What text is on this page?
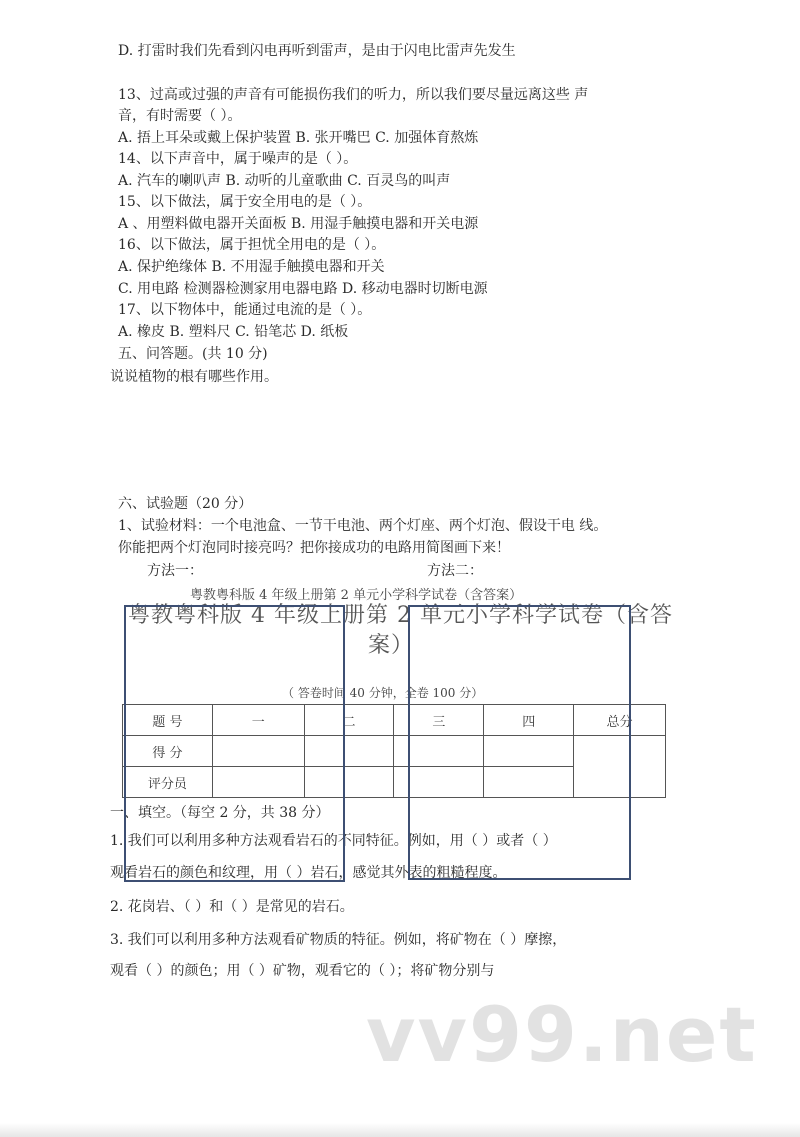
D. 打雷时我们先看到闪电再听到雷声，是由于闪电比雷声先发生
13、过高或过强的声音有可能损伤我们的听力，所以我们要尽量远离这些 声
音，有时需要（ ）。
A. 捂上耳朵或戴上保护装置 B. 张开嘴巴 C. 加强体育熬炼
14、以下声音中，属于噪声的是（ ）。
A. 汽车的喇叭声 B. 动听的儿童歌曲 C. 百灵鸟的叫声
15、以下做法，属于安全用电的是（ ）。
A 、用塑料做电器开关面板 B. 用湿手触摸电器和开关电源
16、以下做法，属于担忧全用电的是（ ）。
A. 保护绝缘体 B. 不用湿手触摸电器和开关
C. 用电路 检测器检测家用电器电路 D. 移动电器时切断电源
17、以下物体中，能通过电流的是（ ）。
A. 橡皮 B. 塑料尺 C. 铅笔芯 D. 纸板
五、问答题。(共 10 分)
说说植物的根有哪些作用。
六、试验题（20 分）
1、试验材料：一个电池盒、一节干电池、两个灯座、两个灯泡、假设干电 线。
你能把两个灯泡同时接亮吗？把你接成功的电路用简图画下来！
方法一：	方法二：
粤教粤科版 4 年级上册第 2 单元小学科学试卷（含答案）
粤教粤科版 4 年级上册第 2 单元小学科学试卷（含答
案）
（ 答卷时间 40 分钟，全卷 100 分）
题 号	一	二	三	四	总分
得 分					
评分员					
一、填空。（每空 2 分，共 38 分）
1. 我们可以利用多种方法观看岩石的不同特征。例如，用（ ）或者（ ）
观看岩石的颜色和纹理，用（ ）岩石，感觉其外表的粗糙程度。
2. 花岗岩、（ ）和（ ）是常见的岩石。
3. 我们可以利用多种方法观看矿物质的特征。例如，将矿物在（ ）摩擦，
观看（ ）的颜色；用（ ）矿物，观看它的（ ）；将矿物分别与
vv99.net
